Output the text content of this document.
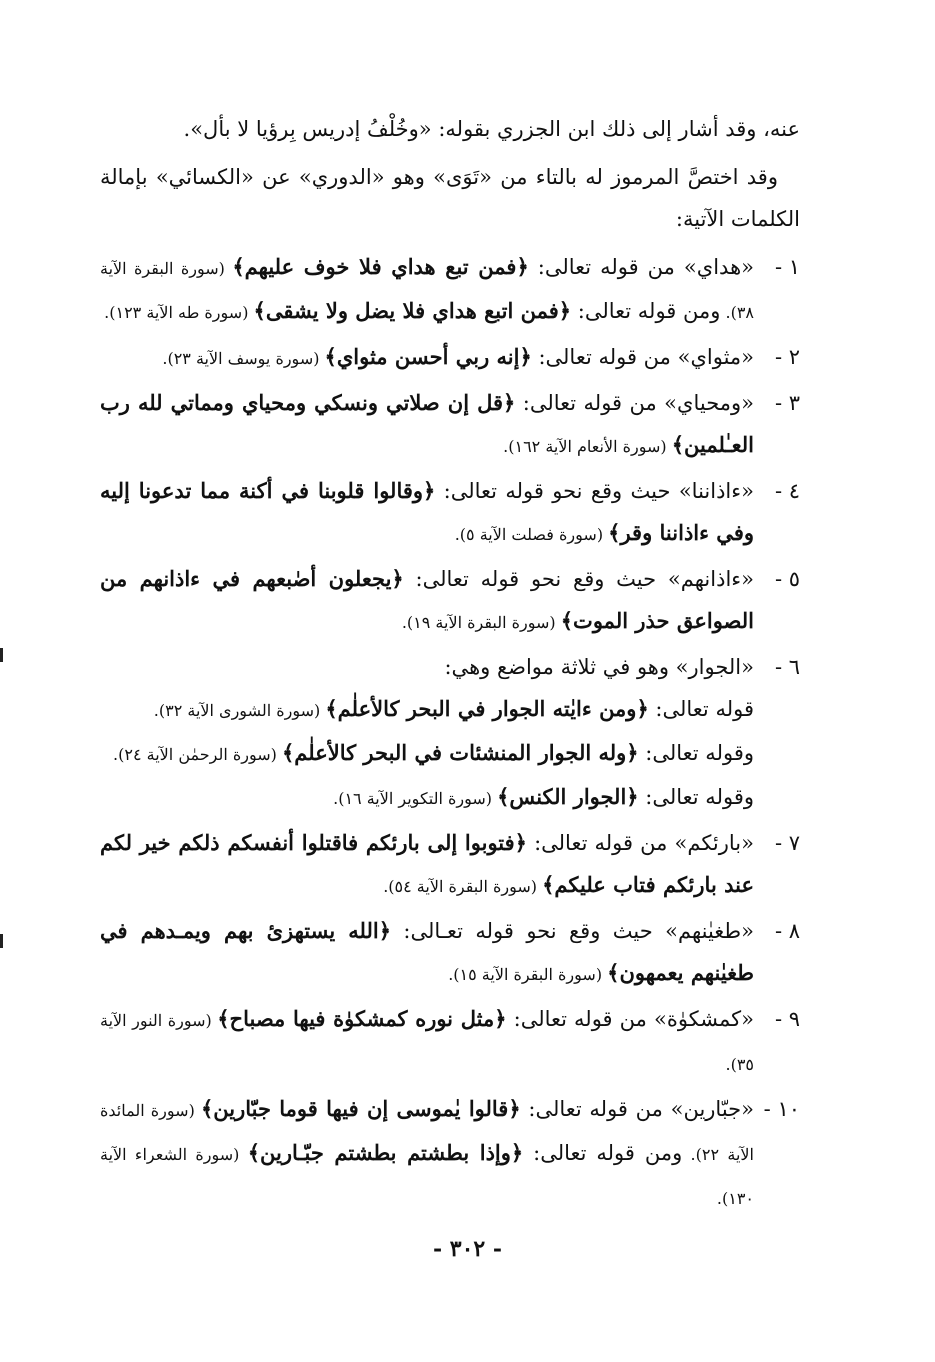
عنه، وقد أشار إلى ذلك ابن الجزري بقوله: «وخُلْفُ إدريس بِرؤيا لا بأل».

وقد اختصَّ المرموز له بالتاء من «تَوَى» وهو «الدوري» عن «الكسائي» بإمالة الكلمات الآتية:

١ -
«هداي» من قوله تعالى: ﴿فمن تبع هداي فلا خوف عليهم﴾ (سورة البقرة الآية ٣٨). ومن قوله تعالى: ﴿فمن اتبع هداي فلا يضل ولا يشقى﴾ (سورة طه الآية ١٢٣).
٢ -
«مثواي» من قوله تعالى: ﴿إنه ربي أحسن مثواي﴾ (سورة يوسف الآية ٢٣).
٣ -
«ومحياي» من قوله تعالى: ﴿قل إن صلاتي ونسكي ومحياي ومماتي لله رب العـٰلمين﴾ (سورة الأنعام الآية ١٦٢).
٤ -
«ءاذاننا» حيث وقع نحو قوله تعالى: ﴿وقالوا قلوبنا في أكنة مما تدعونا إليه وفي ءاذاننا وقر﴾ (سورة فصلت الآية ٥).
٥ -
«ءاذانهم» حيث وقع نحو قوله تعالى: ﴿يجعلون أصٰبعهم في ءاذانهم من الصواعق حذر الموت﴾ (سورة البقرة الآية ١٩).
٦ -
«الجوار» وهو في ثلاثة مواضع وهي:
قوله تعالى: ﴿ومن ءايٰته الجوار في البحر كالأعلٰم﴾ (سورة الشورى الآية ٣٢).
وقوله تعالى: ﴿وله الجوار المنشئات في البحر كالأعلٰم﴾ (سورة الرحمٰن الآية ٢٤).
وقوله تعالى: ﴿الجوار الكنس﴾ (سورة التكوير الآية ١٦).
٧ -
«بارئكم» من قوله تعالى: ﴿فتوبوا إلى بارئكم فاقتلوا أنفسكم ذلكم خير لكم عند بارئكم فتاب عليكم﴾ (سورة البقرة الآية ٥٤).
٨ -
«طغيٰنهم» حيث وقع نحو قوله تعـالى: ﴿الله يستهزئ بهم ويمـدهم في طغيٰنهم يعمهون﴾ (سورة البقرة الآية ١٥).
٩ -
«كمشكوٰة» من قوله تعالى: ﴿مثل نوره كمشكوٰة فيها مصباح﴾ (سورة النور الآية ٣٥).
١٠ -
«جبّارين» من قوله تعالى: ﴿قالوا يٰموسى إن فيها قوما جبّارين﴾ (سورة المائدة الآية ٢٢). ومن قوله تعالى: ﴿وإذا بطشتم بطشتم جبّـارين﴾ (سورة الشعراء الآية ١٣٠).
- ٣٠٢ -
